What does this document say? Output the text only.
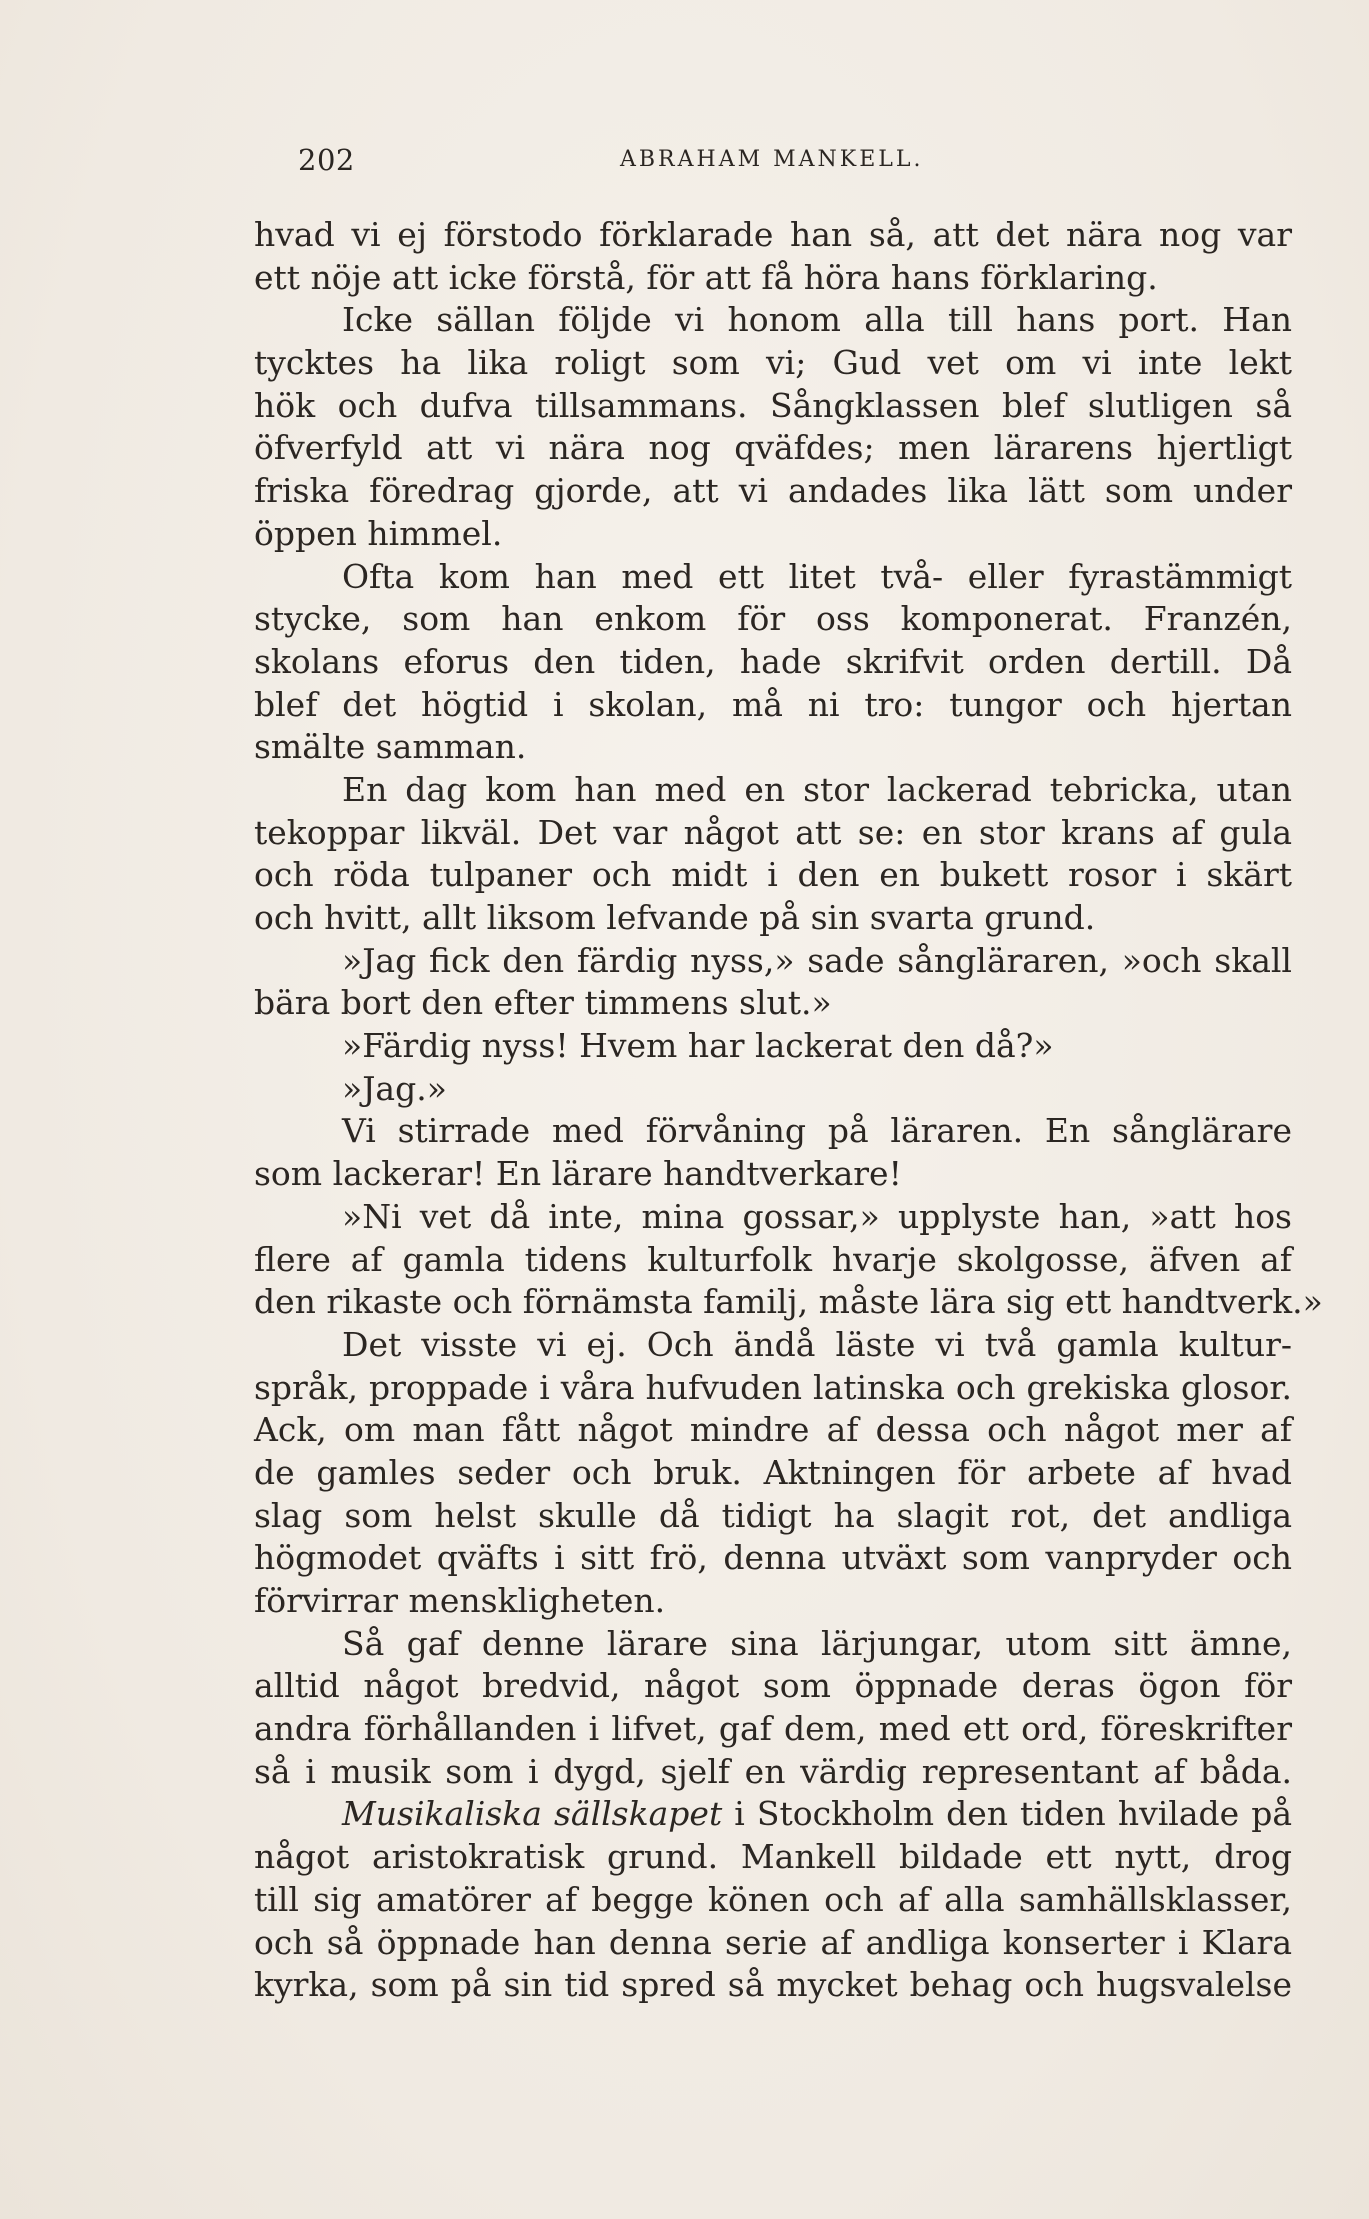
202	ABRAHAM MANKELL.
hvad vi ej förstodo förklarade han så, att det nära nog var
ett nöje att icke förstå, för att få höra hans förklaring.
Icke sällan följde vi honom alla till hans port. Han
tycktes ha lika roligt som vi; Gud vet om vi inte lekt
hök och dufva tillsammans. Sångklassen blef slutligen så
öfverfyld att vi nära nog qväfdes; men lärarens hjertligt
friska föredrag gjorde, att vi andades lika lätt som under
öppen himmel.
Ofta kom han med ett litet två- eller fyrastämmigt
stycke, som han enkom för oss komponerat. Franzén,
skolans eforus den tiden, hade skrifvit orden dertill. Då
blef det högtid i skolan, må ni tro: tungor och hjertan
smälte samman.
En dag kom han med en stor lackerad tebricka, utan
tekoppar likväl. Det var något att se: en stor krans af gula
och röda tulpaner och midt i den en bukett rosor i skärt
och hvitt, allt liksom lefvande på sin svarta grund.
»Jag fick den färdig nyss,» sade sångläraren, »och skall
bära bort den efter timmens slut.»
»Färdig nyss! Hvem har lackerat den då?»
»Jag.»
Vi stirrade med förvåning på läraren. En sånglärare
som lackerar! En lärare handtverkare!
»Ni vet då inte, mina gossar,» upplyste han, »att hos
flere af gamla tidens kulturfolk hvarje skolgosse, äfven af
den rikaste och förnämsta familj, måste lära sig ett handtverk.»
Det visste vi ej. Och ändå läste vi två gamla kultur-
språk, proppade i våra hufvuden latinska och grekiska glosor.
Ack, om man fått något mindre af dessa och något mer af
de gamles seder och bruk. Aktningen för arbete af hvad
slag som helst skulle då tidigt ha slagit rot, det andliga
högmodet qväfts i sitt frö, denna utväxt som vanpryder och
förvirrar menskligheten.
Så gaf denne lärare sina lärjungar, utom sitt ämne,
alltid något bredvid, något som öppnade deras ögon för
andra förhållanden i lifvet, gaf dem, med ett ord, föreskrifter
så i musik som i dygd, sjelf en värdig representant af båda.
Musikaliska sällskapet i Stockholm den tiden hvilade på
något aristokratisk grund. Mankell bildade ett nytt, drog
till sig amatörer af begge könen och af alla samhällsklasser,
och så öppnade han denna serie af andliga konserter i Klara
kyrka, som på sin tid spred så mycket behag och hugsvalelse
